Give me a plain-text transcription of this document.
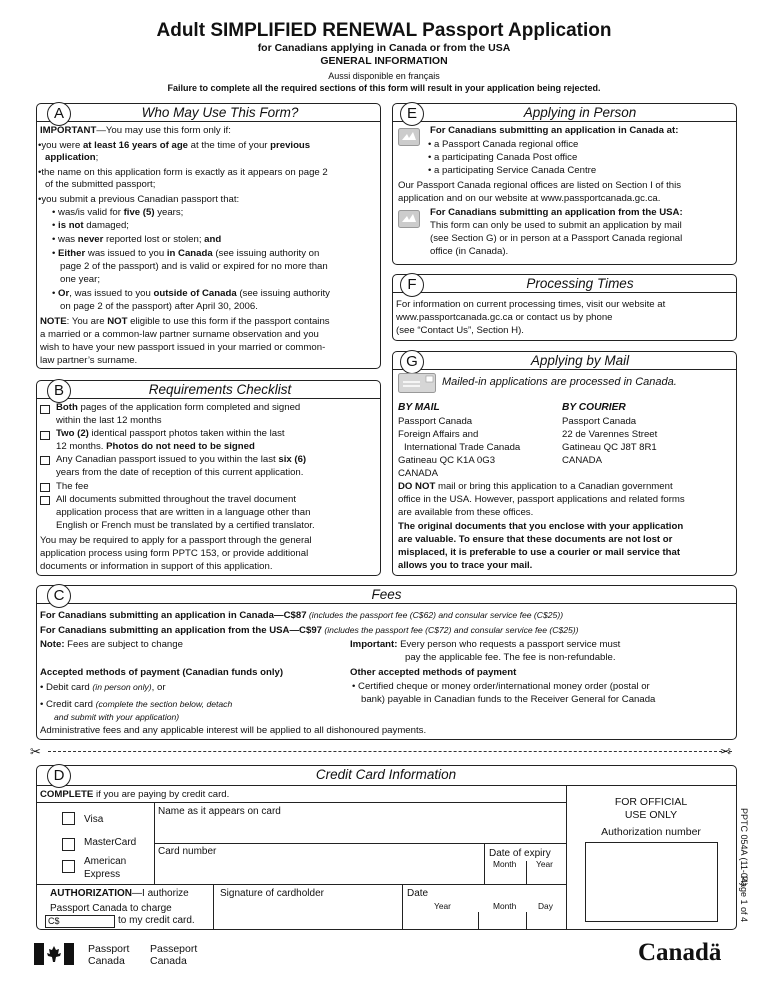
Adult SIMPLIFIED RENEWAL Passport Application
for Canadians applying in Canada or from the USA
GENERAL INFORMATION
Aussi disponible en français
Failure to complete all the required sections of this form will result in your application being rejected.
A	Who May Use This Form?
IMPORTANT—You may use this form only if:
•you were at least 16 years of age at the time of your previous
application;
•the name on this application form is exactly as it appears on page 2
of the submitted passport;
•you submit a previous Canadian passport that:
• was/is valid for five (5) years;
• is not damaged;
• was never reported lost or stolen; and
• Either was issued to you in Canada (see issuing authority on
page 2 of the passport) and is valid or expired for no more than
one year;
• Or, was issued to you outside of Canada (see issuing authority
on page 2 of the passport) after April 30, 2006.
NOTE: You are NOT eligible to use this form if the passport contains
a married or a common-law partner surname observation and you
wish to have your new passport issued in your married or common-
law partner’s surname.
B	Requirements Checklist
Both pages of the application form completed and signed
within the last 12 months
Two (2) identical passport photos taken within the last
12 months. Photos do not need to be signed
Any Canadian passport issued to you within the last six (6)
years from the date of reception of this current application.
The fee
All documents submitted throughout the travel document
application process that are written in a language other than
English or French must be translated by a certified translator.
You may be required to apply for a passport through the general
application process using form PPTC 153, or provide additional
documents or information in support of this application.
E	Applying in Person
For Canadians submitting an application in Canada at:
• a Passport Canada regional office
• a participating Canada Post office
• a participating Service Canada Centre
Our Passport Canada regional offices are listed on Section I of this
application and on our website at www.passportcanada.gc.ca.
For Canadians submitting an application from the USA:
This form can only be used to submit an application by mail
(see Section G) or in person at a Passport Canada regional
office (in Canada).
F	Processing Times
For information on current processing times, visit our website at
www.passportcanada.gc.ca or contact us by phone
(see “Contact Us”, Section H).
G	Applying by Mail
Mailed-in applications are processed in Canada.
BY MAIL
Passport Canada
Foreign Affairs and
International Trade Canada
Gatineau QC K1A 0G3
CANADA
BY COURIER
Passport Canada
22 de Varennes Street
Gatineau QC J8T 8R1
CANADA
DO NOT mail or bring this application to a Canadian government
office in the USA. However, passport applications and related forms
are available from these offices.
The original documents that you enclose with your application
are valuable. To ensure that these documents are not lost or
misplaced, it is preferable to use a courier or mail service that
allows you to trace your mail.
C	Fees
For Canadians submitting an application in Canada—C$87 (includes the passport fee (C$62) and consular service fee (C$25))
For Canadians submitting an application from the USA—C$97 (includes the passport fee (C$72) and consular service fee (C$25))
Note: Fees are subject to change	Important: Every person who requests a passport service must
pay the applicable fee. The fee is non-refundable.
Accepted methods of payment (Canadian funds only)
• Debit card (in person only), or
• Credit card (complete the section below, detach
and submit with your application)
Other accepted methods of payment
• Certified cheque or money order/international money order (postal or
bank) payable in Canadian funds to the Receiver General for Canada
Administrative fees and any applicable interest will be applied to all dishonoured payments.
✂	✂
D	Credit Card Information
COMPLETE if you are paying by credit card.
Visa
MasterCard
American
Express
Name as it appears on card
Card number	Date of expiry
Month Year
AUTHORIZATION—I authorize
Passport Canada to charge
C$	to my credit card.
Signature of cardholder	Date
Year	Month	Day
FOR OFFICIAL
USE ONLY
Authorization number	PPTC 054A (11-04)
Page 1 of 4
Passport
Canada
Passeport
Canada	Canadä
